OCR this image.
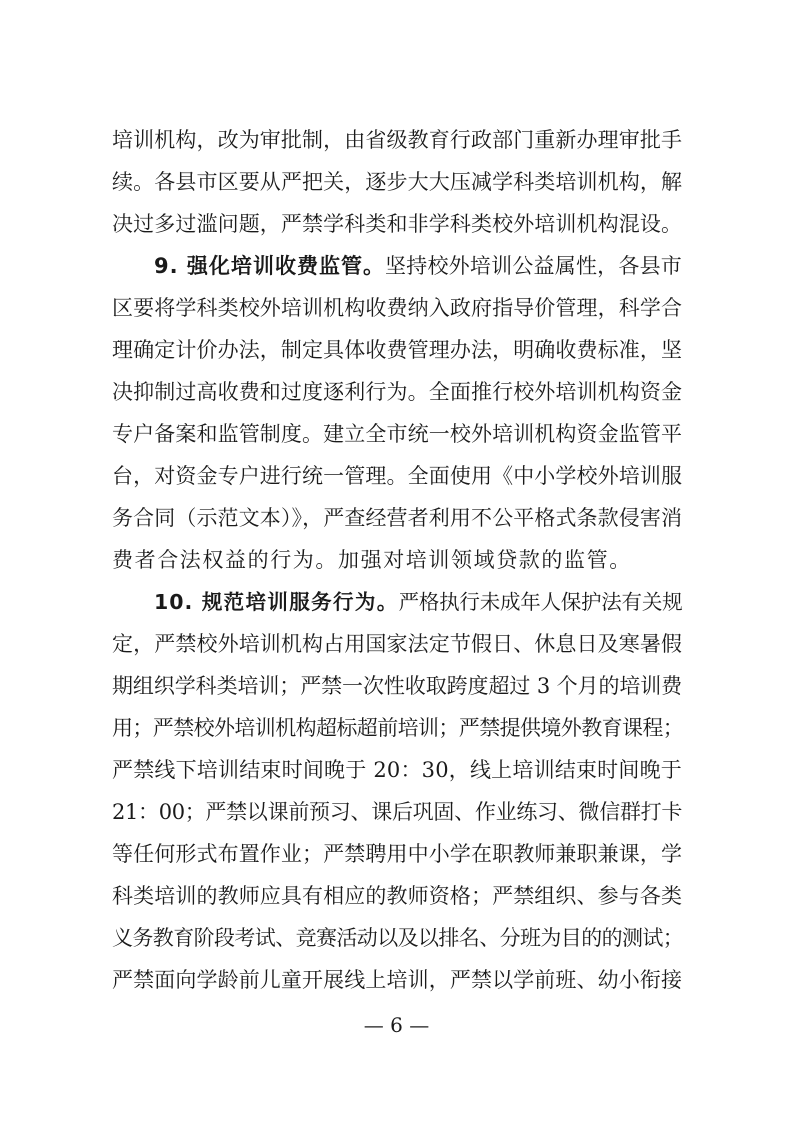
培训机构，改为审批制，由省级教育行政部门重新办理审批手
续。各县市区要从严把关，逐步大大压减学科类培训机构，解
决过多过滥问题，严禁学科类和非学科类校外培训机构混设。
9. 强化培训收费监管。坚持校外培训公益属性，各县市
区要将学科类校外培训机构收费纳入政府指导价管理，科学合
理确定计价办法，制定具体收费管理办法，明确收费标准，坚
决抑制过高收费和过度逐利行为。全面推行校外培训机构资金
专户备案和监管制度。建立全市统一校外培训机构资金监管平
台，对资金专户进行统一管理。全面使用《中小学校外培训服
务合同（示范文本）》，严查经营者利用不公平格式条款侵害消
费者合法权益的行为。加强对培训领域贷款的监管。
10. 规范培训服务行为。严格执行未成年人保护法有关规
定，严禁校外培训机构占用国家法定节假日、休息日及寒暑假
期组织学科类培训；严禁一次性收取跨度超过 3 个月的培训费
用；严禁校外培训机构超标超前培训；严禁提供境外教育课程；
严禁线下培训结束时间晚于 20：30，线上培训结束时间晚于
21：00；严禁以课前预习、课后巩固、作业练习、微信群打卡
等任何形式布置作业；严禁聘用中小学在职教师兼职兼课，学
科类培训的教师应具有相应的教师资格；严禁组织、参与各类
义务教育阶段考试、竞赛活动以及以排名、分班为目的的测试；
严禁面向学龄前儿童开展线上培训，严禁以学前班、幼小衔接
— 6 —
